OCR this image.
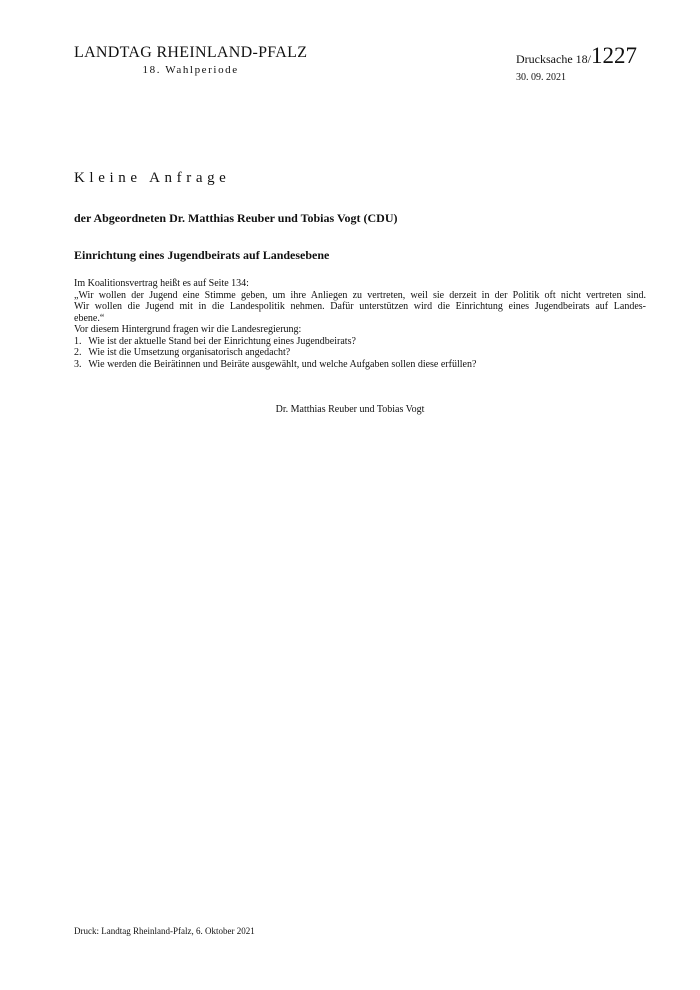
LANDTAG RHEINLAND-PFALZ
18. Wahlperiode
Drucksache 18/1227
30. 09. 2021
Kleine Anfrage
der Abgeordneten Dr. Matthias Reuber und Tobias Vogt (CDU)
Einrichtung eines Jugendbeirats auf Landesebene
Im Koalitionsvertrag heißt es auf Seite 134:
„Wir wollen der Jugend eine Stimme geben, um ihre Anliegen zu vertreten, weil sie derzeit in der Politik oft nicht vertreten sind.
Wir wollen die Jugend mit in die Landespolitik nehmen. Dafür unterstützen wird die Einrichtung eines Jugendbeirats auf Landes-
ebene.“
Vor diesem Hintergrund fragen wir die Landesregierung:
1. Wie ist der aktuelle Stand bei der Einrichtung eines Jugendbeirats?
2. Wie ist die Umsetzung organisatorisch angedacht?
3. Wie werden die Beirätinnen und Beiräte ausgewählt, und welche Aufgaben sollen diese erfüllen?
Dr. Matthias Reuber und Tobias Vogt
Druck: Landtag Rheinland-Pfalz, 6. Oktober 2021
